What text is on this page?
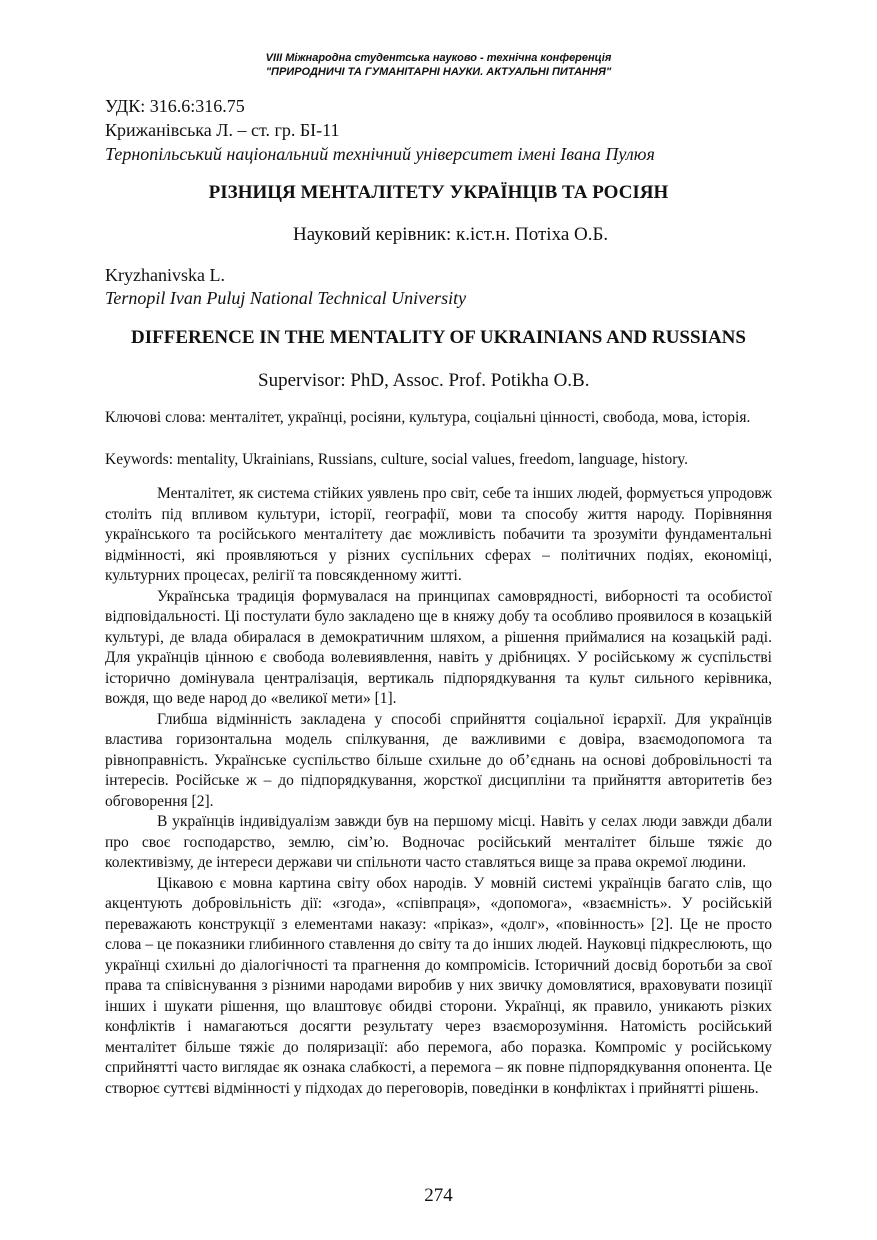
VIII Міжнародна студентська науково - технічна конференція
"ПРИРОДНИЧІ ТА ГУМАНІТАРНІ НАУКИ. АКТУАЛЬНІ ПИТАННЯ"
УДК: 316.6:316.75
Крижанівська Л. – ст. гр. БІ-11
Тернопільський національний технічний університет імені Івана Пулюя
РІЗНИЦЯ МЕНТАЛІТЕТУ УКРАЇНЦІВ ТА РОСІЯН
Науковий керівник: к.іст.н. Потіха О.Б.
Kryzhanivska L.
Ternopil Ivan Puluj National Technical University
DIFFERENCE IN THE MENTALITY OF UKRAINIANS AND RUSSIANS
Supervisor: PhD, Assoc. Prof. Potikha O.B.
Ключові слова: менталітет, українці, росіяни, культура, соціальні цінності, свобода, мова, історія.
Keywords: mentality, Ukrainians, Russians, culture, social values, freedom, language, history.

Менталітет, як система стійких уявлень про світ, себе та інших людей, формується упродовж століть під впливом культури, історії, географії, мови та способу життя народу. Порівняння українського та російського менталітету дає можливість побачити та зрозуміти фундаментальні відмінності, які проявляються у різних суспільних сферах – політичних подіях, економіці, культурних процесах, релігії та повсякденному житті.

Українська традиція формувалася на принципах самоврядності, виборності та особистої відповідальності. Ці постулати було закладено ще в княжу добу та особливо проявилося в козацькій культурі, де влада обиралася в демократичним шляхом, а рішення приймалися на козацькій раді. Для українців цінною є свобода волевиявлення, навіть у дрібницях. У російському ж суспільстві історично домінувала централізація, вертикаль підпорядкування та культ сильного керівника, вождя, що веде народ до «великої мети» [1].

Глибша відмінність закладена у способі сприйняття соціальної ієрархії. Для українців властива горизонтальна модель спілкування, де важливими є довіра, взаємодопомога та рівноправність. Українське суспільство більше схильне до об’єднань на основі добровільності та інтересів. Російське ж – до підпорядкування, жорсткої дисципліни та прийняття авторитетів без обговорення [2].

В українців індивідуалізм завжди був на першому місці. Навіть у селах люди завжди дбали про своє господарство, землю, сім’ю. Водночас російський менталітет більше тяжіє до колективізму, де інтереси держави чи спільноти часто ставляться вище за права окремої людини.

Цікавою є мовна картина світу обох народів. У мовній системі українців багато слів, що акцентують добровільність дії: «згода», «співпраця», «допомога», «взаємність». У російській переважають конструкції з елементами наказу: «пріказ», «долг», «повінность» [2]. Це не просто слова – це показники глибинного ставлення до світу та до інших людей. Науковці підкреслюють, що українці схильні до діалогічності та прагнення до компромісів. Історичний досвід боротьби за свої права та співіснування з різними народами виробив у них звичку домовлятися, враховувати позиції інших і шукати рішення, що влаштовує обидві сторони. Українці, як правило, уникають різких конфліктів і намагаються досягти результату через взаєморозуміння. Натомість російський менталітет більше тяжіє до поляризації: або перемога, або поразка. Компроміс у російському сприйнятті часто виглядає як ознака слабкості, а перемога – як повне підпорядкування опонента. Це створює суттєві відмінності у підходах до переговорів, поведінки в конфліктах і прийнятті рішень.

274
